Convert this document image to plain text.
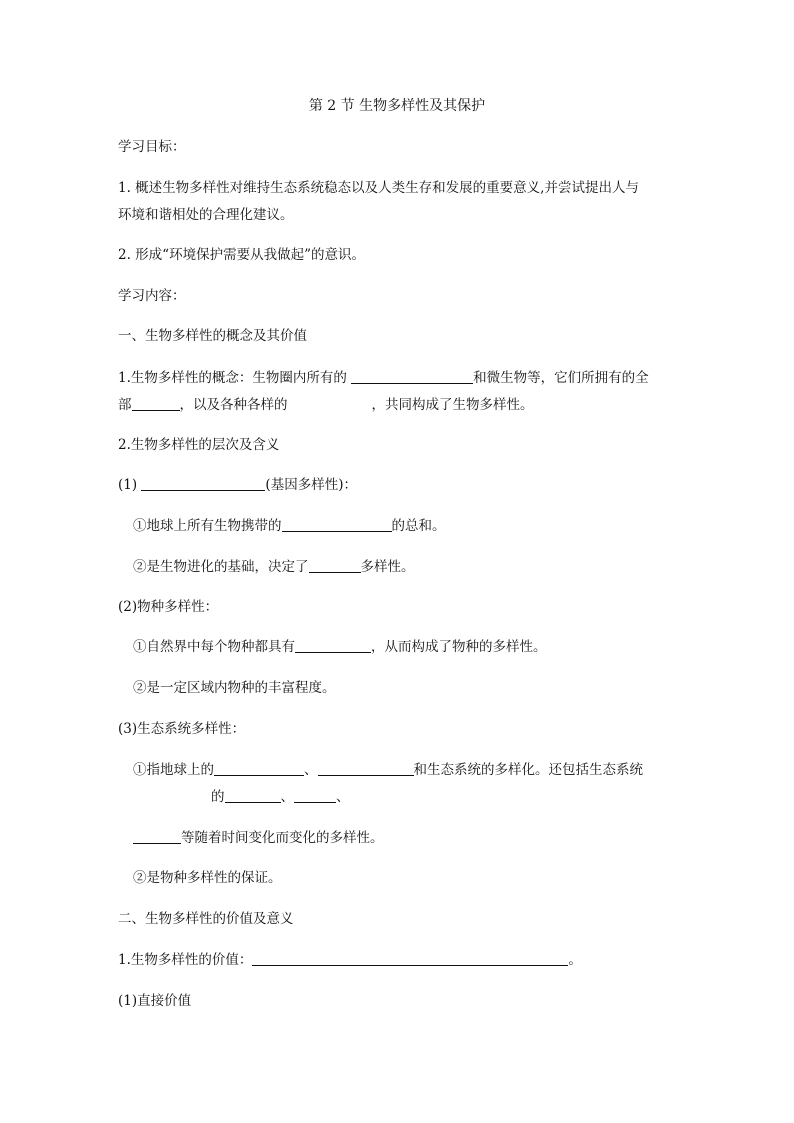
第 2 节 生物多样性及其保护
学习目标：
1. 概述生物多样性对维持生态系统稳态以及人类生存和发展的重要意义,并尝试提出人与
环境和谐相处的合理化建议。
2. 形成“环境保护需要从我做起”的意识。
学习内容：
一、生物多样性的概念及其价值
1.生物多样性的概念：生物圈内所有的	和微生物等，它们所拥有的全
部	，以及各种各样的	，共同构成了生物多样性。
2.生物多样性的层次及含义
(1)	(基因多样性)：
①地球上所有生物携带的	的总和。
②是生物进化的基础，决定了	多样性。
(2)物种多样性：
①自然界中每个物种都具有	，从而构成了物种的多样性。
②是一定区域内物种的丰富程度。
(3)生态系统多样性：
①指地球上的	、	和生态系统的多样化。还包括生态系统
的	、	、
等随着时间变化而变化的多样性。
②是物种多样性的保证。
二、生物多样性的价值及意义
1.生物多样性的价值：	。
(1)直接价值
